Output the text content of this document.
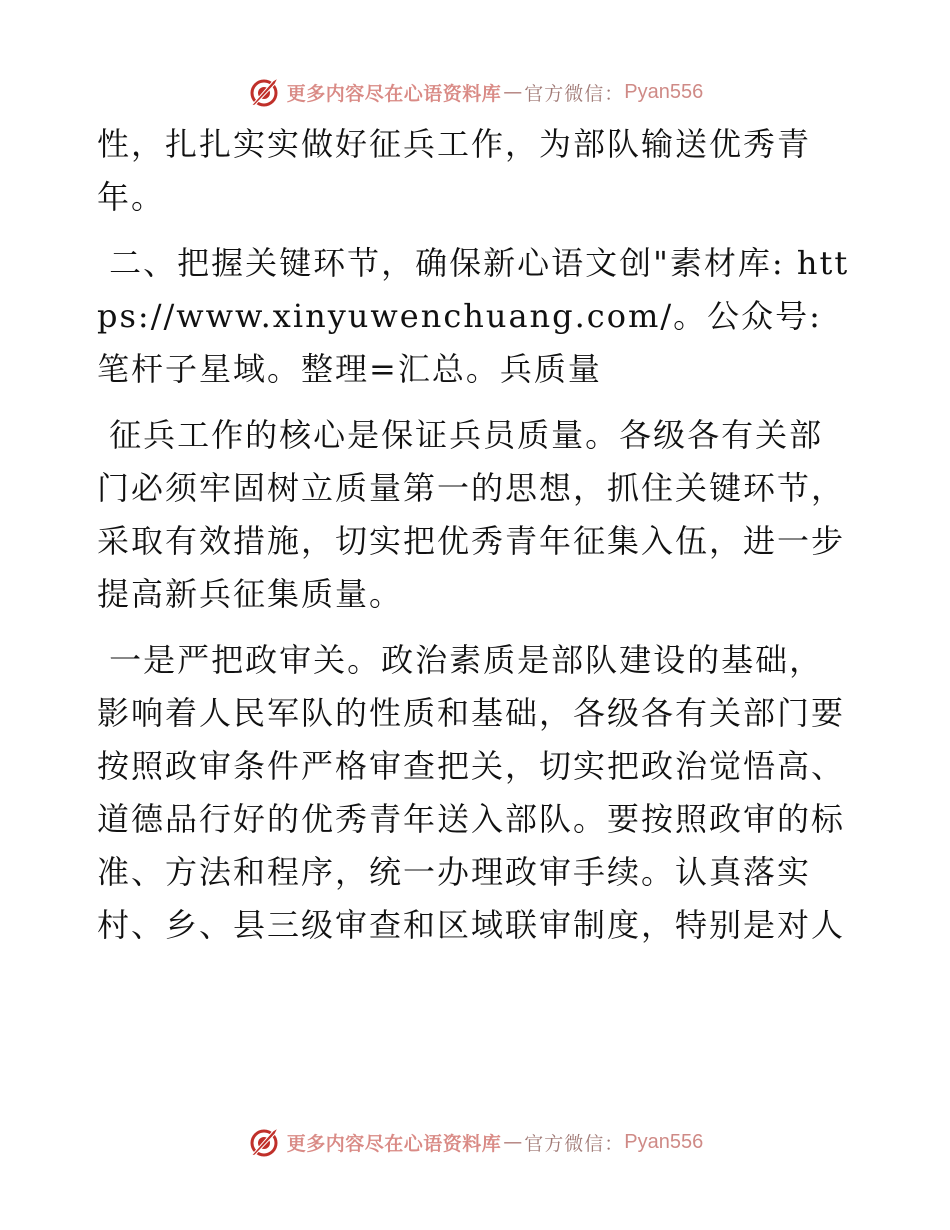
更多内容尽在心语资料库 — 官方微信： Pyan556

性，扎扎实实做好征兵工作，为部队输送优秀青年。

二、把握关键环节，确保新心语文创"素材库: https://www.xinyuwenchuang.com/。公众号: 笔杆子星域。整理=汇总。兵质量

征兵工作的核心是保证兵员质量。各级各有关部门必须牢固树立质量第一的思想，抓住关键环节，采取有效措施，切实把优秀青年征集入伍，进一步提高新兵征集质量。

一是严把政审关。政治素质是部队建设的基础，影响着人民军队的性质和基础，各级各有关部门要按照政审条件严格审查把关，切实把政治觉悟高、道德品行好的优秀青年送入部队。要按照政审的标准、方法和程序，统一办理政审手续。认真落实村、乡、县三级审查和区域联审制度，特别是对人

更多内容尽在心语资料库 — 官方微信： Pyan556
